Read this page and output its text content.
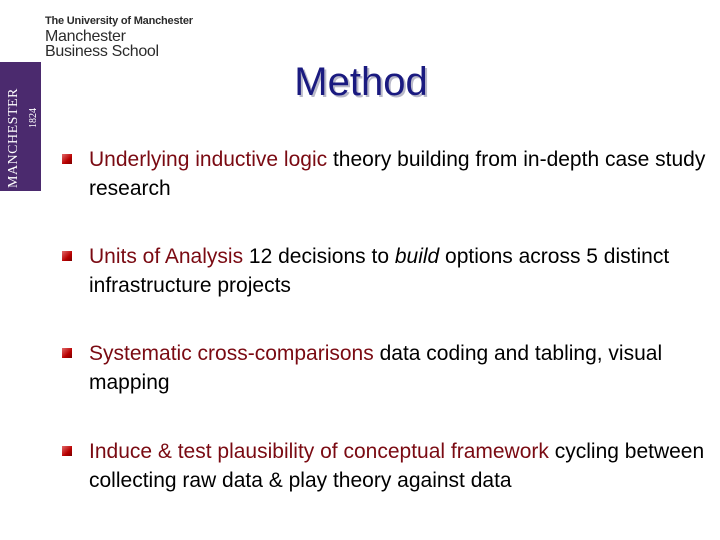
The University of Manchester
Manchester
Business School
MANCHESTER 1824
Method
Underlying inductive logic theory building from in-depth case study research
Units of Analysis 12 decisions to build options across 5 distinct infrastructure projects
Systematic cross-comparisons data coding and tabling, visual mapping
Induce & test plausibility of conceptual framework cycling between collecting raw data & play theory against data
